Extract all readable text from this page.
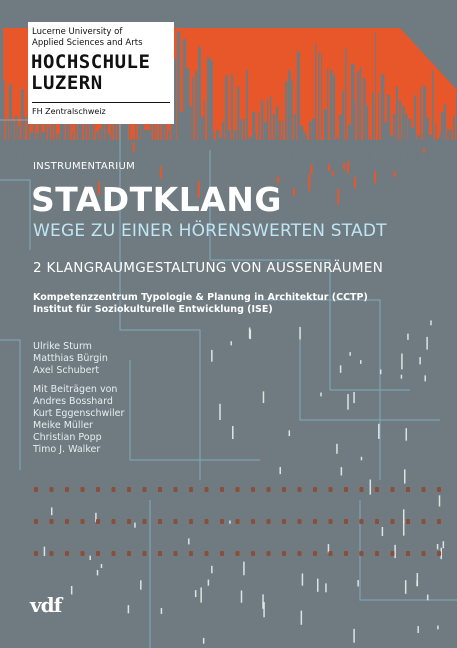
Lucerne University of
Applied Sciences and Arts
HOCHSCHULE
LUZERN
FH Zentralschweiz
INSTRUMENTARIUM
STADTKLANG
WEGE ZU EINER HÖRENSWERTEN STADT
2 KLANGRAUMGESTALTUNG VON AUSSENRÄUMEN
Kompetenzzentrum Typologie & Planung in Architektur (CCTP)
Institut für Soziokulturelle Entwicklung (ISE)
Ulrike Sturm
Matthias Bürgin
Axel Schubert
Mit Beiträgen von
Andres Bosshard
Kurt Eggenschwiler
Meike Müller
Christian Popp
Timo J. Walker
vdf
